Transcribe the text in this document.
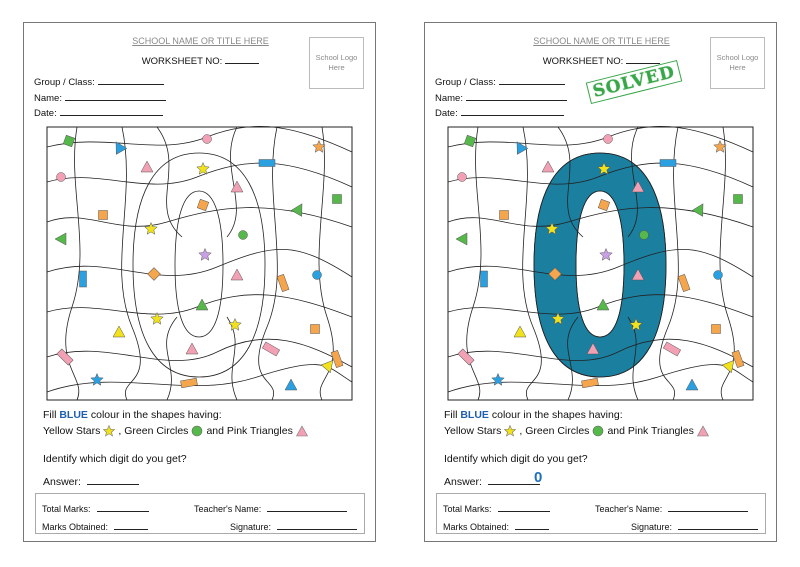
SCHOOL NAME OR TITLE HERE
WORKSHEET NO:	School Logo Here
Group / Class:
Name:
Date:
Fill BLUE colour in the shapes having:
Yellow Stars , Green Circles and Pink Triangles
Identify which digit do you get?
Answer:
Total Marks:	Teacher's Name:
Marks Obtained:	Signature:
SCHOOL NAME OR TITLE HERE
WORKSHEET NO:	School Logo Here
Group / Class:
Name:
Date:
SOLVED
Fill BLUE colour in the shapes having:
Yellow Stars , Green Circles and Pink Triangles
Identify which digit do you get?
Answer:	0
Total Marks:	Teacher's Name:
Marks Obtained:	Signature:
